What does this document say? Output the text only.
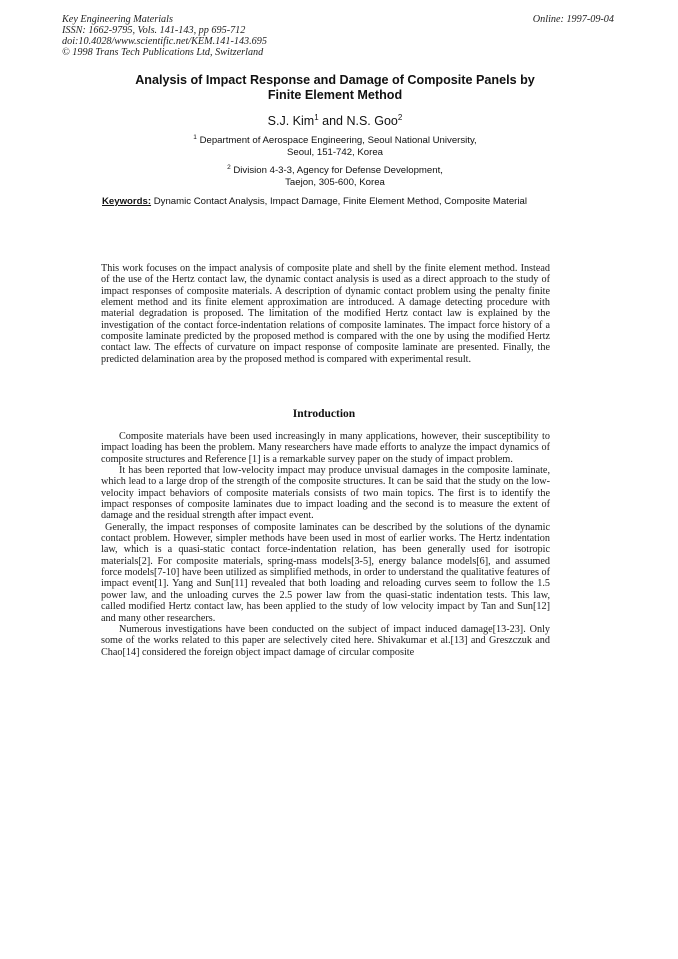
Key Engineering Materials
ISSN: 1662-9795, Vols. 141-143, pp 695-712
doi:10.4028/www.scientific.net/KEM.141-143.695
© 1998 Trans Tech Publications Ltd, Switzerland
Online: 1997-09-04
Analysis of Impact Response and Damage of Composite Panels by
Finite Element Method
S.J. Kim$^1$ and N.S. Goo$^2$
$^1$ Department of Aerospace Engineering, Seoul National University,
Seoul, 151-742, Korea
$^2$ Division 4-3-3, Agency for Defense Development,
Taejon, 305-600, Korea
Keywords: Dynamic Contact Analysis, Impact Damage, Finite Element Method, Composite Material
This work focuses on the impact analysis of composite plate and shell by the finite element method. Instead of the use of the Hertz contact law, the dynamic contact analysis is used as a direct approach to the study of impact responses of composite materials. A description of dynamic contact problem using the penalty finite element method and its finite element approximation are introduced. A damage detecting procedure with material degradation is proposed. The limitation of the modified Hertz contact law is explained by the investigation of the contact force-indentation relations of composite laminates. The impact force history of a composite laminate predicted by the proposed method is compared with the one by using the modified Hertz contact law. The effects of curvature on impact response of composite laminate are presented. Finally, the predicted delamination area by the proposed method is compared with experimental result.
Introduction

Composite materials have been used increasingly in many applications, however, their susceptibility to impact loading has been the problem. Many researchers have made efforts to analyze the impact dynamics of composite structures and Reference [1] is a remarkable survey paper on the study of impact problem.

It has been reported that low-velocity impact may produce unvisual damages in the composite laminate, which lead to a large drop of the strength of the composite structures. It can be said that the study on the low-velocity impact behaviors of composite materials consists of two main topics. The first is to identify the impact responses of composite laminates due to impact loading and the second is to measure the extent of damage and the residual strength after impact event.

Generally, the impact responses of composite laminates can be described by the solutions of the dynamic contact problem. However, simpler methods have been used in most of earlier works. The Hertz indentation law, which is a quasi-static contact force-indentation relation, has been generally used for isotropic materials[2]. For composite materials, spring-mass models[3-5], energy balance models[6], and assumed force models[7-10] have been utilized as simplified methods, in order to understand the qualitative features of impact event[1]. Yang and Sun[11] revealed that both loading and reloading curves seem to follow the 1.5 power law, and the unloading curves the 2.5 power law from the quasi-static indentation tests. This law, called modified Hertz contact law, has been applied to the study of low velocity impact by Tan and Sun[12] and many other researchers.

Numerous investigations have been conducted on the subject of impact induced damage[13-23]. Only some of the works related to this paper are selectively cited here. Shivakumar et al.[13] and Greszczuk and Chao[14] considered the foreign object impact damage of circular composite
